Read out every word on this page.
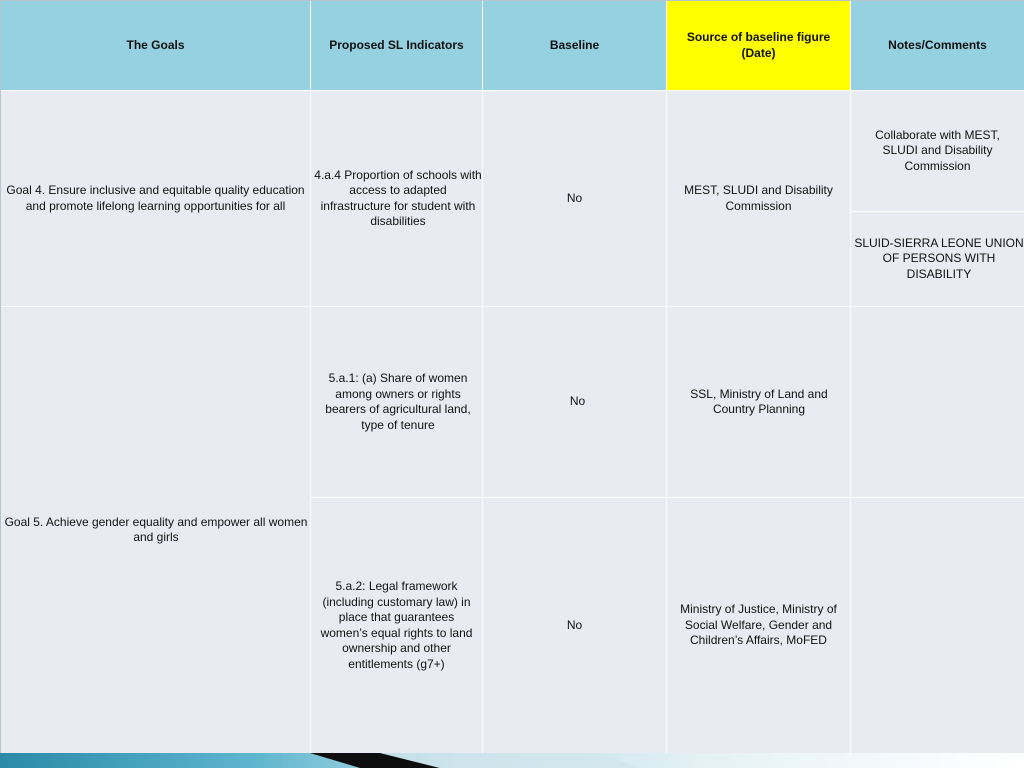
The Goals	Proposed SL Indicators	Baseline	Source of baseline figure (Date)	Notes/Comments
Goal 4. Ensure inclusive and equitable quality education and promote lifelong learning opportunities for all	4.a.4 Proportion of schools with access to adapted infrastructure for student with disabilities	No	MEST, SLUDI and Disability Commission	Collaborate with MEST, SLUDI and Disability Commission
				SLUID-SIERRA LEONE UNION OF PERSONS WITH DISABILITY
Goal 5. Achieve gender equality and empower all women and girls	5.a.1: (a) Share of women among owners or rights bearers of agricultural land, type of tenure	No	SSL, Ministry of Land and Country Planning	
	5.a.2: Legal framework (including customary law) in place that guarantees women’s equal rights to land ownership and other entitlements (g7+)	No	Ministry of Justice, Ministry of Social Welfare, Gender and Children’s Affairs, MoFED	
